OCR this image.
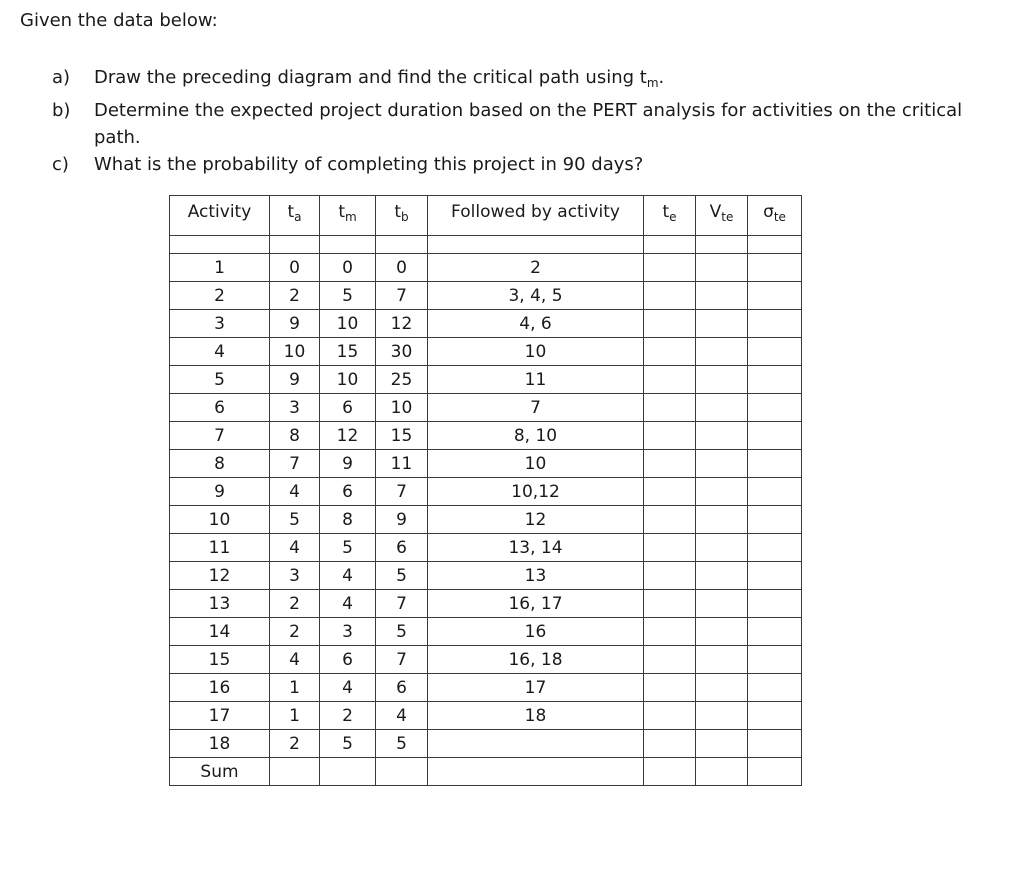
Given the data below:
a)	Draw the preceding diagram and find the critical path using $t_m$.
b)	Determine the expected project duration based on the PERT analysis for activities on the critical path.
c)	What is the probability of completing this project in 90 days?
Activity	$t_a$	$t_m$	$t_b$	Followed by activity	$t_e$	$V_{te}$	$\sigma_{te}$

1	0	0	0	2			
2	2	5	7	3, 4, 5			
3	9	10	12	4, 6			
4	10	15	30	10			
5	9	10	25	11			
6	3	6	10	7			
7	8	12	15	8, 10			
8	7	9	11	10			
9	4	6	7	10,12			
10	5	8	9	12			
11	4	5	6	13, 14			
12	3	4	5	13			
13	2	4	7	16, 17			
14	2	3	5	16			
15	4	6	7	16, 18			
16	1	4	6	17			
17	1	2	4	18			
18	2	5	5				
Sum							
